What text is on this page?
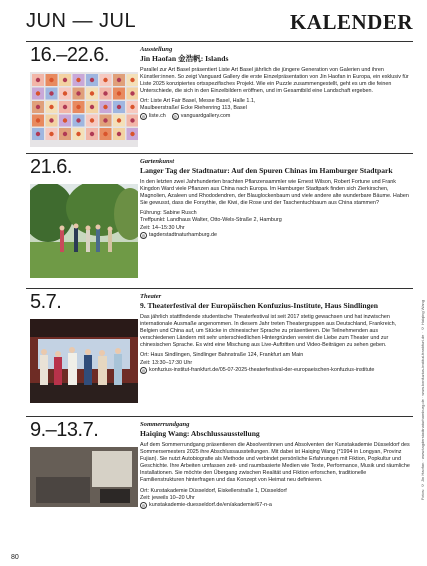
JUN — JUL	KALENDER
16.–22.6.	Ausstellung
Jin Haofan 金浩帆: Islands

Parallel zur Art Basel präsentiert Liste Art Basel jährlich die jüngere Generation von Galerien und ihren Künstler:innen. So zeigt Vanguard Gallery die erste Einzelpräsentation von Jin Haofan in Europa, ein exklusiv für Liste 2025 konzipiertes ortsspezifisches Projekt. Wie ein Puzzle zusammengestellt, geht es um die feinen Unterschiede, die sich in den Einzelbildern eröffnen, und im Gesamtbild eine Landschaft ergeben.

Ort: Liste Art Fair Basel, Messe Basel, Halle 1.1,
Maulbeerstraße/ Ecke Riehenring 113, Basel
◎ liste.ch	◎ vanguardgallery.com
21.6.	Gartenkunst
Langer Tag der Stadtnatur: Auf den Spuren Chinas im Hamburger Stadtpark

In den letzten zwei Jahrhunderten brachten Pflanzensammler wie Ernest Wilson, Robert Fortune und Frank Kingdon Ward viele Pflanzen aus China nach Europa. Im Hamburger Stadtpark finden sich Zierkirschen, Magnolien, Azaleen und Rhododendren, der Blauglockenbaum und viele andere alte wunderbare Bäume. Haben Sie gewusst, dass die Forsythie, die Kiwi, die Rose und der Taschentuchbaum aus China stammen?

Führung: Sabine Rusch
Treffpunkt: Landhaus Walter, Otto-Wels-Straße 2, Hamburg
Zeit: 14–15:30 Uhr
◎ tagderstadtnaturhamburg.de
5.7.	Theater
9. Theaterfestival der Europäischen Konfuzius-Institute, Haus Sindlingen

Das jährlich stattfindende studentische Theaterfestival ist seit 2017 stetig gewachsen und hat inzwischen internationale Ausmaße angenommen. In diesem Jahr treten Theatergruppen aus Deutschland, Frankreich, Belgien und China auf, um Stücke in chinesischer Sprache zu präsentieren. Die Teilnehmenden aus verschiedenen Ländern mit sehr unterschiedlichen Hintergründen vereint die Liebe zum Theater und zur chinesischen Sprache. Es wird eine Mischung aus Live-Auftritten und Video-Beiträgen zu sehen geben.

Ort: Haus Sindlingen, Sindlinger Bahnstraße 124, Frankfurt am Main
Zeit: 13:30–17:30 Uhr
◎ konfuzius-institut-frankfurt.de/05-07-2025-theaterfestival-der-europaeischen-konfuzius-institute
9.–13.7.	Sommerrundgang
Haiqing Wang: Abschlussausstellung

Auf dem Sommerrundgang präsentieren die Absolventinnen und Absolventen der Kunstakademie Düsseldorf des Sommersemesters 2025 ihre Abschlussausstellungen. Mit dabei ist Haiqing Wang (*1994 in Longyan, Provinz Fujian). Sie nutzt Autobiografie als Methode und verbindet persönliche Erfahrungen mit Fiktion, Popkultur und Geschichte. Ihre Arbeiten umfassen zeit- und raumbasierte Medien wie Texte, Performance, Musik und räumliche Installationen. Sie möchte den Übergang zwischen Realität und Fiktion erforschen, traditionelle Familienstrukturen hinterfragen und das Konzept von Heimat neu definieren.

Ort: Kunstakademie Düsseldorf, Eiskellerstraße 1, Düsseldorf
Zeit: jeweils 10–20 Uhr
◎ kunstakademie-duesseldorf.de/en/akademie/67-n-a
Fotos: © Jin Haofan · www.tagderstadtnaturhamburg.de · www.konfuzius-institut-frankfurt.de · © Haiqing Wang
80
